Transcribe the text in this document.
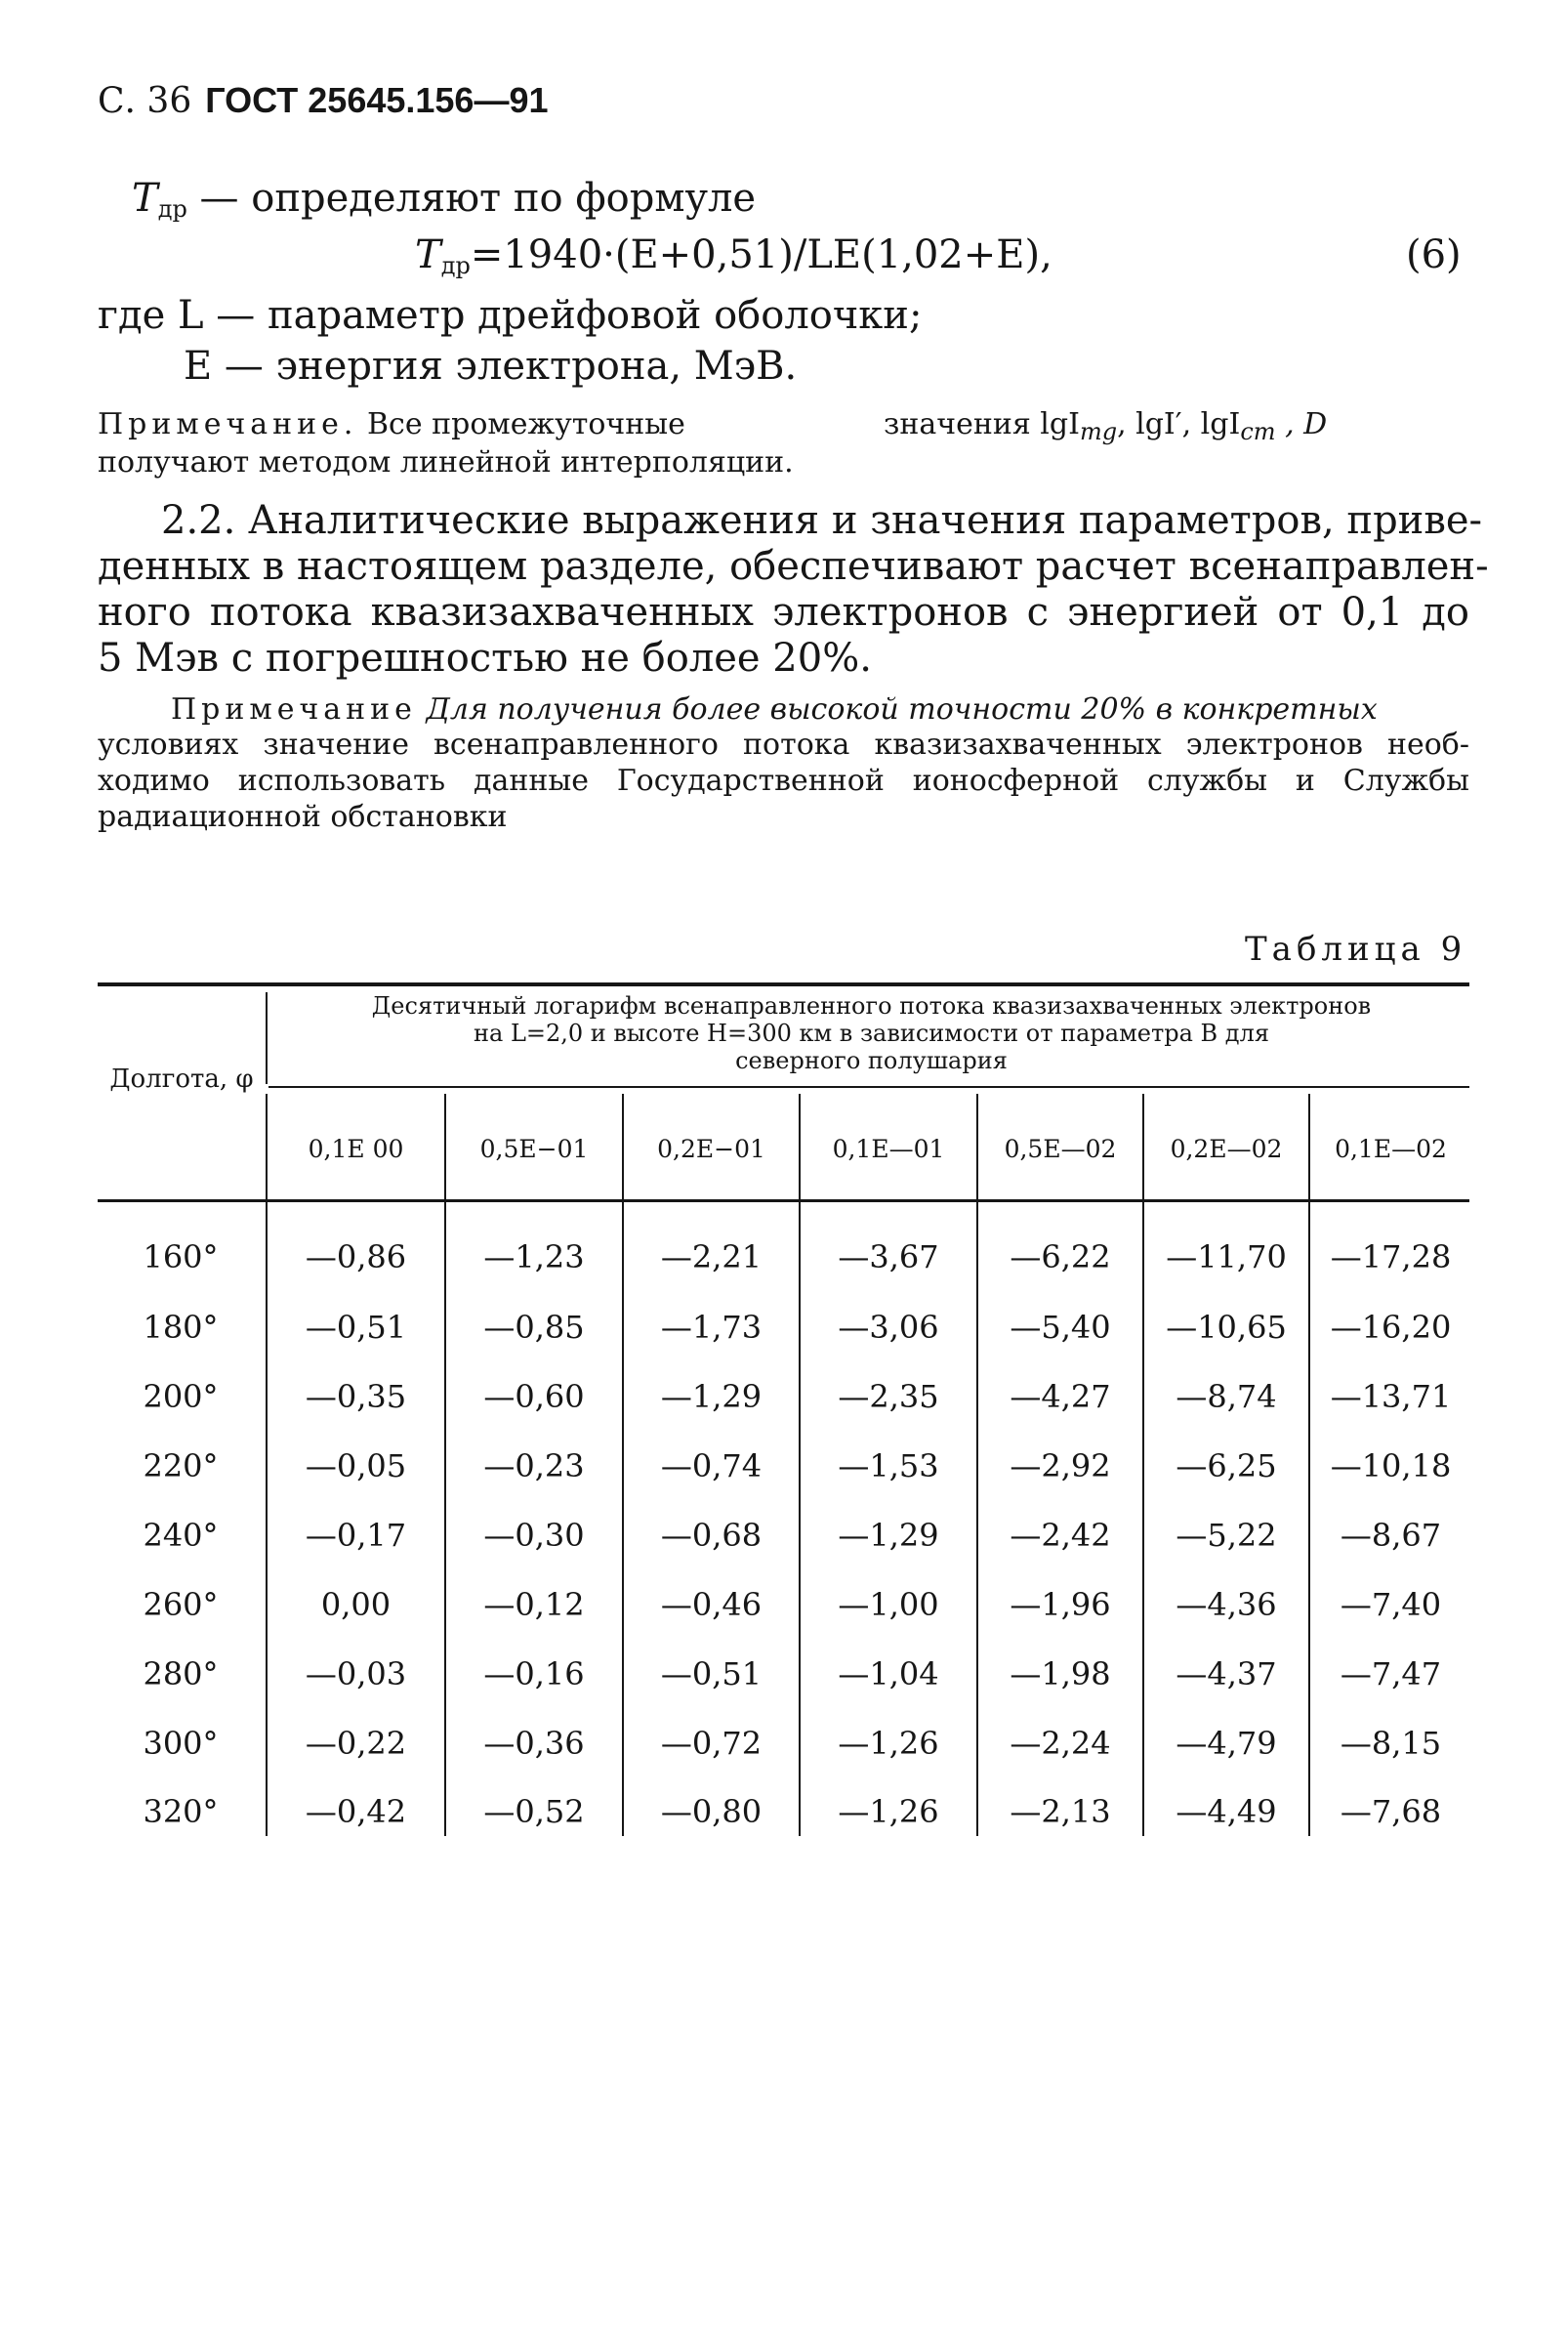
С. 36 ГОСТ 25645.156—91
$T_{др}$ — определяют по формуле
$T_{др}=1940\cdot(E+0,51)/LE(1,02+E)$,	(6)
где L — параметр дрейфовой оболочки;
E — энергия электрона, МэВ.
Примечание. Все промежуточные	значения lgI$_{mg}$, lgI′, lgI$_{cm}$ , D
получают методом линейной интерполяции.
2.2. Аналитические выражения и значения параметров, приве-
денных в настоящем разделе, обеспечивают расчет всенаправлен-
ного потока квазизахваченных электронов с энергией от 0,1 до
5 Мэв с погрешностью не более 20%.
Примечание Для получения более высокой точности 20% в конкретных
условиях значение всенаправленного потока квазизахваченных электронов необ-
ходимо использовать данные Государственной ионосферной службы и Службы
радиационной обстановки
Таблица 9
Долгота, φ
Десятичный логарифм всенаправленного потока квазизахваченных электронов
на L=2,0 и высоте H=300 км в зависимости от параметра B для
северного полушария
0,1E 00	0,5E−01	0,2E−01	0,1E—01	0,5E—02	0,2E—02	0,1E—02
160°	—0,86	—1,23	—2,21	—3,67	—6,22	—11,70	—17,28
180°	—0,51	—0,85	—1,73	—3,06	—5,40	—10,65	—16,20
200°	—0,35	—0,60	—1,29	—2,35	—4,27	—8,74	—13,71
220°	—0,05	—0,23	—0,74	—1,53	—2,92	—6,25	—10,18
240°	—0,17	—0,30	—0,68	—1,29	—2,42	—5,22	—8,67
260°	0,00	—0,12	—0,46	—1,00	—1,96	—4,36	—7,40
280°	—0,03	—0,16	—0,51	—1,04	—1,98	—4,37	—7,47
300°	—0,22	—0,36	—0,72	—1,26	—2,24	—4,79	—8,15
320°	—0,42	—0,52	—0,80	—1,26	—2,13	—4,49	—7,68
